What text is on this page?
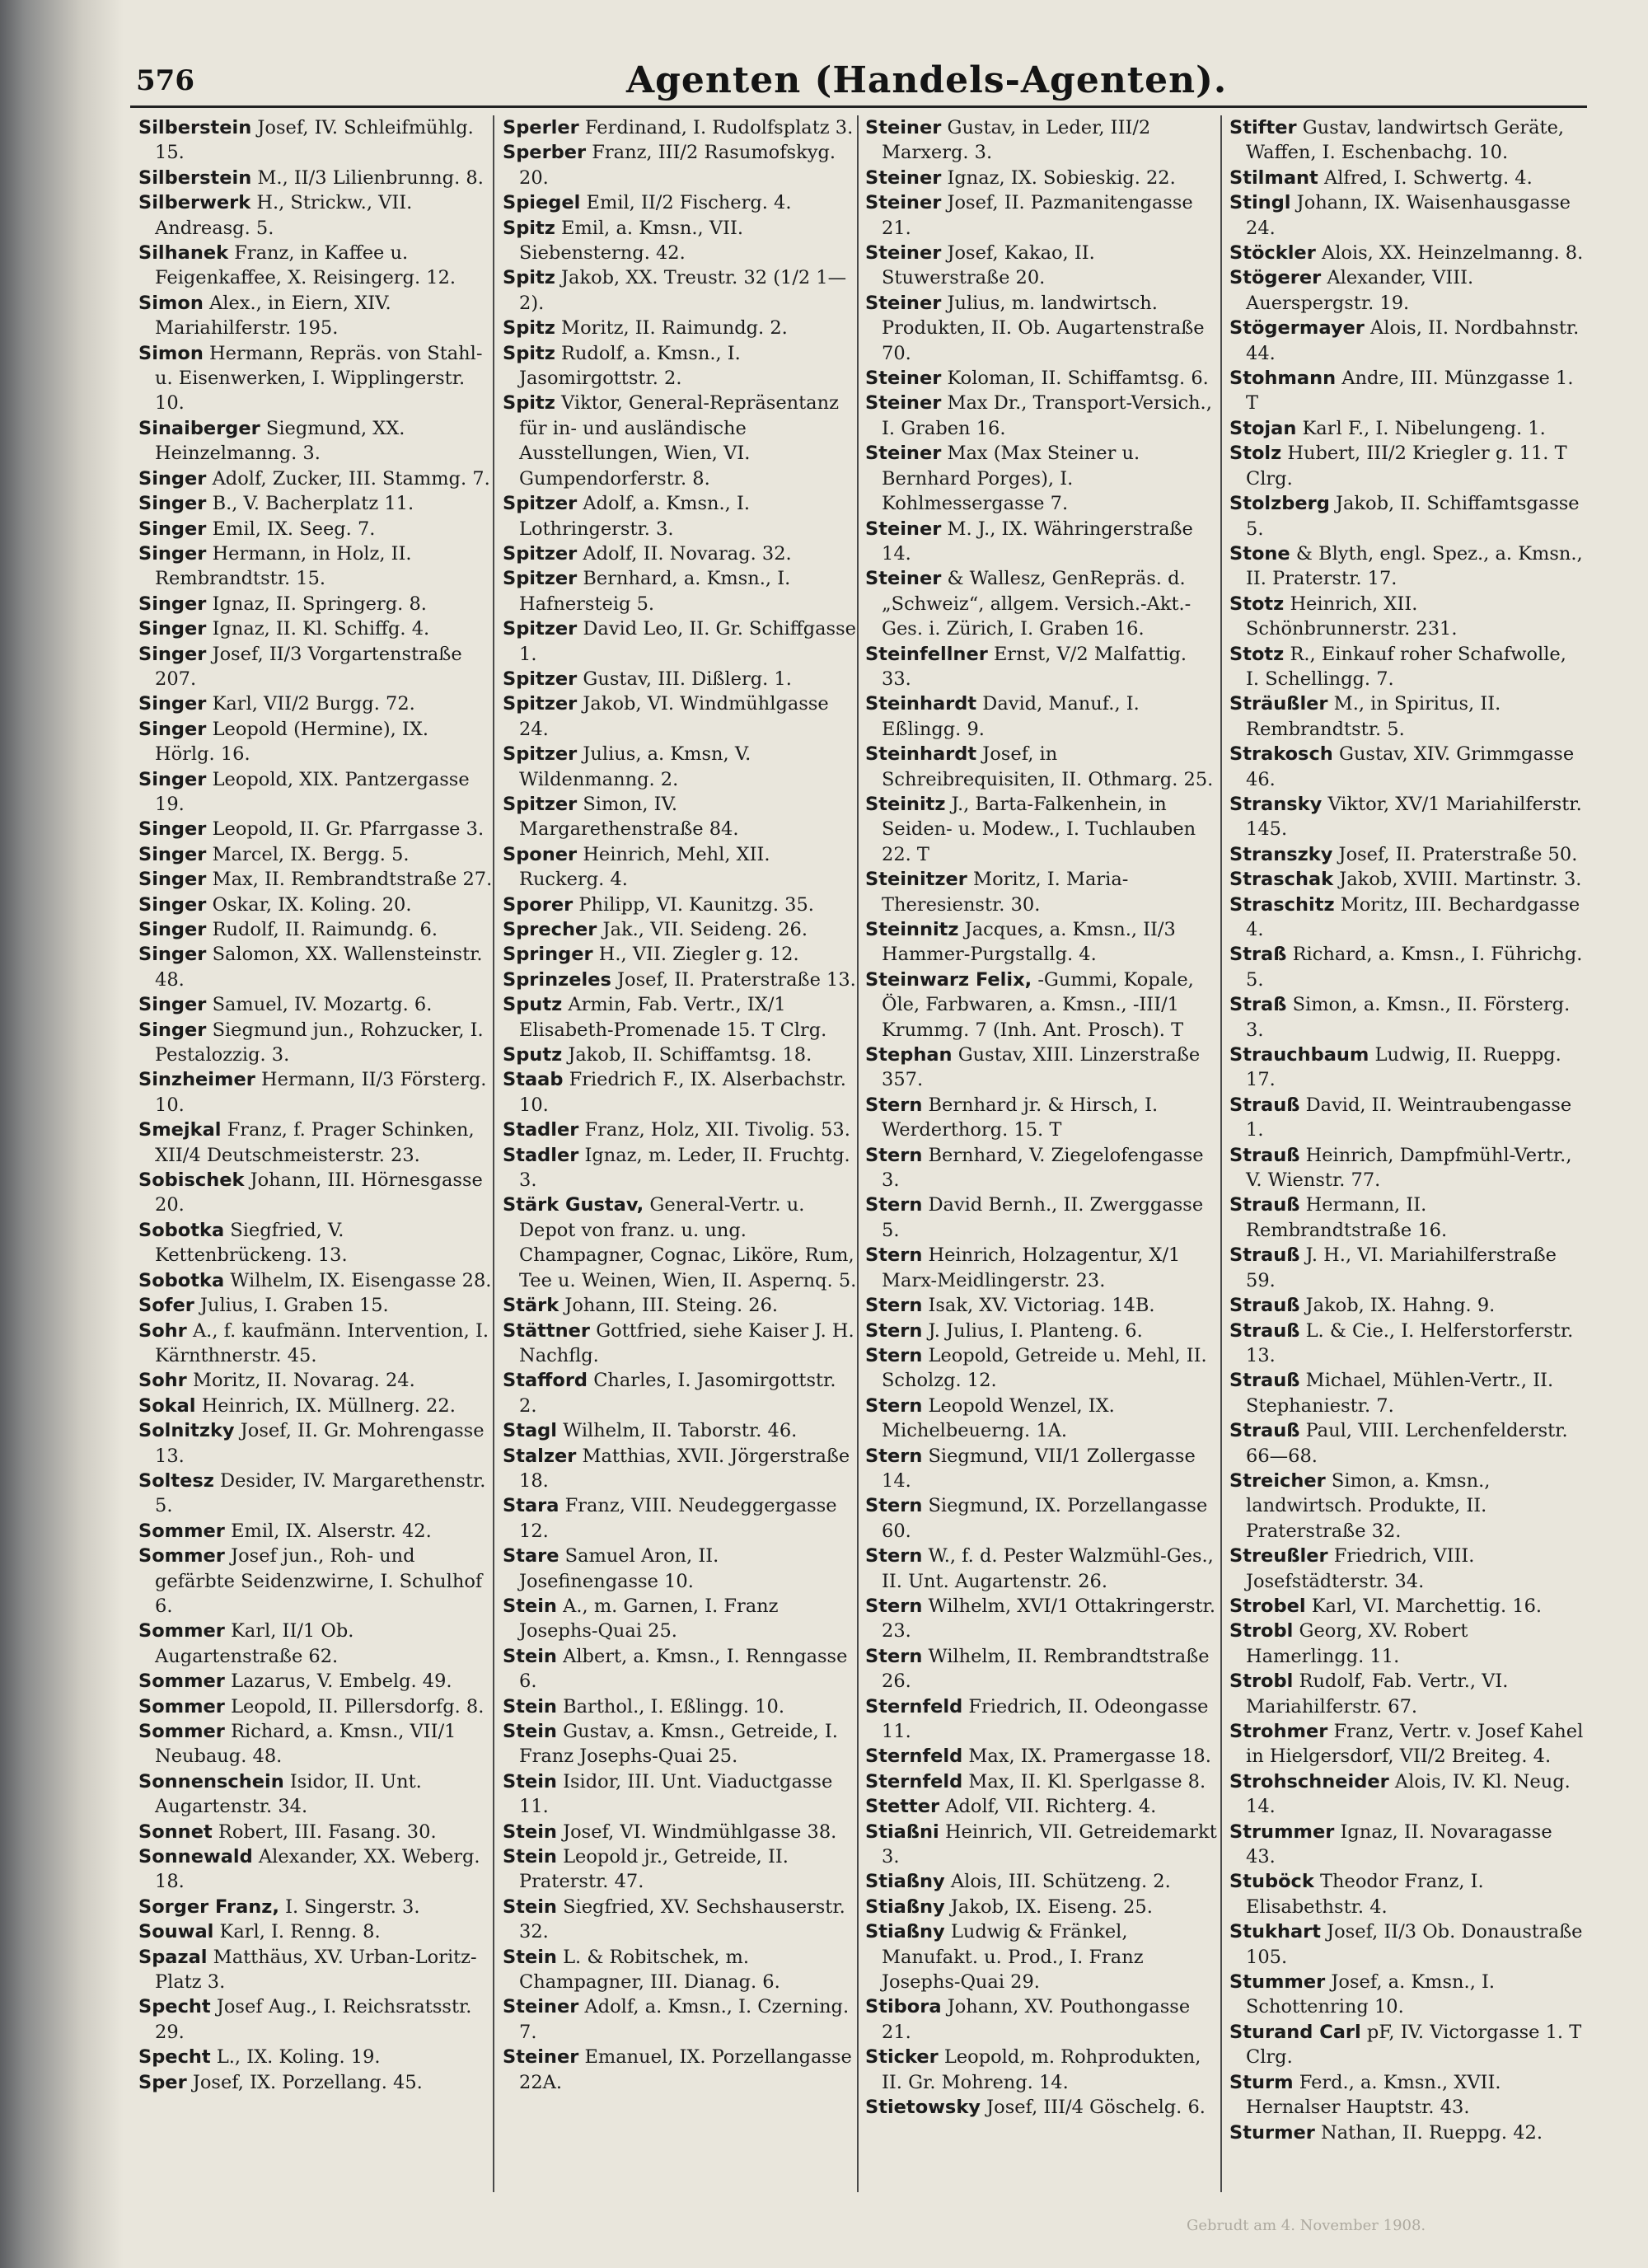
576	Agenten (Handels-Agenten).
Silberstein Josef, IV. Schleifmühlg. 15.
Silberstein M., II/3 Lilienbrunng. 8.
Silberwerk H., Strickw., VII. Andreasg. 5.
Silhanek Franz, in Kaffee u. Feigenkaffee, X. Reisingerg. 12.
Simon Alex., in Eiern, XIV. Mariahilferstr. 195.
Simon Hermann, Repräs. von Stahl- u. Eisenwerken, I. Wipplingerstr. 10.
Sinaiberger Siegmund, XX. Heinzelmanng. 3.
Singer Adolf, Zucker, III. Stammg. 7.
Singer B., V. Bacherplatz 11.
Singer Emil, IX. Seeg. 7.
Singer Hermann, in Holz, II. Rembrandtstr. 15.
Singer Ignaz, II. Springerg. 8.
Singer Ignaz, II. Kl. Schiffg. 4.
Singer Josef, II/3 Vorgartenstraße 207.
Singer Karl, VII/2 Burgg. 72.
Singer Leopold (Hermine), IX. Hörlg. 16.
Singer Leopold, XIX. Pantzergasse 19.
Singer Leopold, II. Gr. Pfarrgasse 3.
Singer Marcel, IX. Bergg. 5.
Singer Max, II. Rembrandtstraße 27.
Singer Oskar, IX. Koling. 20.
Singer Rudolf, II. Raimundg. 6.
Singer Salomon, XX. Wallensteinstr. 48.
Singer Samuel, IV. Mozartg. 6.
Singer Siegmund jun., Rohzucker, I. Pestalozzig. 3.
Sinzheimer Hermann, II/3 Försterg. 10.
Smejkal Franz, f. Prager Schinken, XII/4 Deutschmeisterstr. 23.
Sobischek Johann, III. Hörnesgasse 20.
Sobotka Siegfried, V. Kettenbrückeng. 13.
Sobotka Wilhelm, IX. Eisengasse 28.
Sofer Julius, I. Graben 15.
Sohr A., f. kaufmänn. Intervention, I. Kärnthnerstr. 45.
Sohr Moritz, II. Novarag. 24.
Sokal Heinrich, IX. Müllnerg. 22.
Solnitzky Josef, II. Gr. Mohrengasse 13.
Soltesz Desider, IV. Margarethenstr. 5.
Sommer Emil, IX. Alserstr. 42.
Sommer Josef jun., Roh- und gefärbte Seidenzwirne, I. Schulhof 6.
Sommer Karl, II/1 Ob. Augartenstraße 62.
Sommer Lazarus, V. Embelg. 49.
Sommer Leopold, II. Pillersdorfg. 8.
Sommer Richard, a. Kmsn., VII/1 Neubaug. 48.
Sonnenschein Isidor, II. Unt. Augartenstr. 34.
Sonnet Robert, III. Fasang. 30.
Sonnewald Alexander, XX. Weberg. 18.
Sorger Franz, I. Singerstr. 3.
Souwal Karl, I. Renng. 8.
Spazal Matthäus, XV. Urban-Loritz-Platz 3.
Specht Josef Aug., I. Reichsratsstr. 29.
Specht L., IX. Koling. 19.
Sper Josef, IX. Porzellang. 45.
Sperler Ferdinand, I. Rudolfsplatz 3.
Sperber Franz, III/2 Rasumofskyg. 20.
Spiegel Emil, II/2 Fischerg. 4.
Spitz Emil, a. Kmsn., VII. Siebensterng. 42.
Spitz Jakob, XX. Treustr. 32 (1/2 1—2).
Spitz Moritz, II. Raimundg. 2.
Spitz Rudolf, a. Kmsn., I. Jasomirgottstr. 2.
Spitz Viktor, General-Repräsentanz für in- und ausländische Ausstellungen, Wien, VI. Gumpendorferstr. 8.
Spitzer Adolf, a. Kmsn., I. Lothringerstr. 3.
Spitzer Adolf, II. Novarag. 32.
Spitzer Bernhard, a. Kmsn., I. Hafnersteig 5.
Spitzer David Leo, II. Gr. Schiffgasse 1.
Spitzer Gustav, III. Dißlerg. 1.
Spitzer Jakob, VI. Windmühlgasse 24.
Spitzer Julius, a. Kmsn, V. Wildenmanng. 2.
Spitzer Simon, IV. Margarethenstraße 84.
Sponer Heinrich, Mehl, XII. Ruckerg. 4.
Sporer Philipp, VI. Kaunitzg. 35.
Sprecher Jak., VII. Seideng. 26.
Springer H., VII. Ziegler g. 12.
Sprinzeles Josef, II. Praterstraße 13.
Sputz Armin, Fab. Vertr., IX/1 Elisabeth-Promenade 15. T Clrg.
Sputz Jakob, II. Schiffamtsg. 18.
Staab Friedrich F., IX. Alserbachstr. 10.
Stadler Franz, Holz, XII. Tivolig. 53.
Stadler Ignaz, m. Leder, II. Fruchtg. 3.
Stärk Gustav, General-Vertr. u. Depot von franz. u. ung. Champagner, Cognac, Liköre, Rum, Tee u. Weinen, Wien, II. Aspernq. 5.
Stärk Johann, III. Steing. 26.
Stättner Gottfried, siehe Kaiser J. H. Nachflg.
Stafford Charles, I. Jasomirgottstr. 2.
Stagl Wilhelm, II. Taborstr. 46.
Stalzer Matthias, XVII. Jörgerstraße 18.
Stara Franz, VIII. Neudeggergasse 12.
Stare Samuel Aron, II. Josefinengasse 10.
Stein A., m. Garnen, I. Franz Josephs-Quai 25.
Stein Albert, a. Kmsn., I. Renngasse 6.
Stein Barthol., I. Eßlingg. 10.
Stein Gustav, a. Kmsn., Getreide, I. Franz Josephs-Quai 25.
Stein Isidor, III. Unt. Viaductgasse 11.
Stein Josef, VI. Windmühlgasse 38.
Stein Leopold jr., Getreide, II. Praterstr. 47.
Stein Siegfried, XV. Sechshauserstr. 32.
Stein L. & Robitschek, m. Champagner, III. Dianag. 6.
Steiner Adolf, a. Kmsn., I. Czerning. 7.
Steiner Emanuel, IX. Porzellangasse 22A.
Steiner Gustav, in Leder, III/2 Marxerg. 3.
Steiner Ignaz, IX. Sobieskig. 22.
Steiner Josef, II. Pazmanitengasse 21.
Steiner Josef, Kakao, II. Stuwerstraße 20.
Steiner Julius, m. landwirtsch. Produkten, II. Ob. Augartenstraße 70.
Steiner Koloman, II. Schiffamtsg. 6.
Steiner Max Dr., Transport-Versich., I. Graben 16.
Steiner Max (Max Steiner u. Bernhard Porges), I. Kohlmessergasse 7.
Steiner M. J., IX. Währingerstraße 14.
Steiner & Wallesz, GenRepräs. d. „Schweiz“, allgem. Versich.-Akt.-Ges. i. Zürich, I. Graben 16.
Steinfellner Ernst, V/2 Malfattig. 33.
Steinhardt David, Manuf., I. Eßlingg. 9.
Steinhardt Josef, in Schreibrequisiten, II. Othmarg. 25.
Steinitz J., Barta-Falkenhein, in Seiden- u. Modew., I. Tuchlauben 22. T
Steinitzer Moritz, I. Maria-Theresienstr. 30.
Steinnitz Jacques, a. Kmsn., II/3 Hammer-Purgstallg. 4.
Steinwarz Felix, -Gummi, Kopale, Öle, Farbwaren, a. Kmsn., -III/1 Krummg. 7 (Inh. Ant. Prosch). T
Stephan Gustav, XIII. Linzerstraße 357.
Stern Bernhard jr. & Hirsch, I. Werderthorg. 15. T
Stern Bernhard, V. Ziegelofengasse 3.
Stern David Bernh., II. Zwerggasse 5.
Stern Heinrich, Holzagentur, X/1 Marx-Meidlingerstr. 23.
Stern Isak, XV. Victoriag. 14B.
Stern J. Julius, I. Planteng. 6.
Stern Leopold, Getreide u. Mehl, II. Scholzg. 12.
Stern Leopold Wenzel, IX. Michelbeuerng. 1A.
Stern Siegmund, VII/1 Zollergasse 14.
Stern Siegmund, IX. Porzellangasse 60.
Stern W., f. d. Pester Walzmühl-Ges., II. Unt. Augartenstr. 26.
Stern Wilhelm, XVI/1 Ottakringerstr. 23.
Stern Wilhelm, II. Rembrandtstraße 26.
Sternfeld Friedrich, II. Odeongasse 11.
Sternfeld Max, IX. Pramergasse 18.
Sternfeld Max, II. Kl. Sperlgasse 8.
Stetter Adolf, VII. Richterg. 4.
Stiaßni Heinrich, VII. Getreidemarkt 3.
Stiaßny Alois, III. Schützeng. 2.
Stiaßny Jakob, IX. Eiseng. 25.
Stiaßny Ludwig & Fränkel, Manufakt. u. Prod., I. Franz Josephs-Quai 29.
Stibora Johann, XV. Pouthongasse 21.
Sticker Leopold, m. Rohprodukten, II. Gr. Mohreng. 14.
Stietowsky Josef, III/4 Göschelg. 6.
Stifter Gustav, landwirtsch Geräte, Waffen, I. Eschenbachg. 10.
Stilmant Alfred, I. Schwertg. 4.
Stingl Johann, IX. Waisenhausgasse 24.
Stöckler Alois, XX. Heinzelmanng. 8.
Stögerer Alexander, VIII. Auerspergstr. 19.
Stögermayer Alois, II. Nordbahnstr. 44.
Stohmann Andre, III. Münzgasse 1. T
Stojan Karl F., I. Nibelungeng. 1.
Stolz Hubert, III/2 Kriegler g. 11. T Clrg.
Stolzberg Jakob, II. Schiffamtsgasse 5.
Stone & Blyth, engl. Spez., a. Kmsn., II. Praterstr. 17.
Stotz Heinrich, XII. Schönbrunnerstr. 231.
Stotz R., Einkauf roher Schafwolle, I. Schellingg. 7.
Sträußler M., in Spiritus, II. Rembrandtstr. 5.
Strakosch Gustav, XIV. Grimmgasse 46.
Stransky Viktor, XV/1 Mariahilferstr. 145.
Stranszky Josef, II. Praterstraße 50.
Straschak Jakob, XVIII. Martinstr. 3.
Straschitz Moritz, III. Bechardgasse 4.
Straß Richard, a. Kmsn., I. Führichg. 5.
Straß Simon, a. Kmsn., II. Försterg. 3.
Strauchbaum Ludwig, II. Rueppg. 17.
Strauß David, II. Weintraubengasse 1.
Strauß Heinrich, Dampfmühl-Vertr., V. Wienstr. 77.
Strauß Hermann, II. Rembrandtstraße 16.
Strauß J. H., VI. Mariahilferstraße 59.
Strauß Jakob, IX. Hahng. 9.
Strauß L. & Cie., I. Helferstorferstr. 13.
Strauß Michael, Mühlen-Vertr., II. Stephaniestr. 7.
Strauß Paul, VIII. Lerchenfelderstr. 66—68.
Streicher Simon, a. Kmsn., landwirtsch. Produkte, II. Praterstraße 32.
Streußler Friedrich, VIII. Josefstädterstr. 34.
Strobel Karl, VI. Marchettig. 16.
Strobl Georg, XV. Robert Hamerlingg. 11.
Strobl Rudolf, Fab. Vertr., VI. Mariahilferstr. 67.
Strohmer Franz, Vertr. v. Josef Kahel in Hielgersdorf, VII/2 Breiteg. 4.
Strohschneider Alois, IV. Kl. Neug. 14.
Strummer Ignaz, II. Novaragasse 43.
Stuböck Theodor Franz, I. Elisabethstr. 4.
Stukhart Josef, II/3 Ob. Donaustraße 105.
Stummer Josef, a. Kmsn., I. Schottenring 10.
Sturand Carl pF, IV. Victorgasse 1. T Clrg.
Sturm Ferd., a. Kmsn., XVII. Hernalser Hauptstr. 43.
Sturmer Nathan, II. Rueppg. 42.
Gebrudt am 4. November 1908.
